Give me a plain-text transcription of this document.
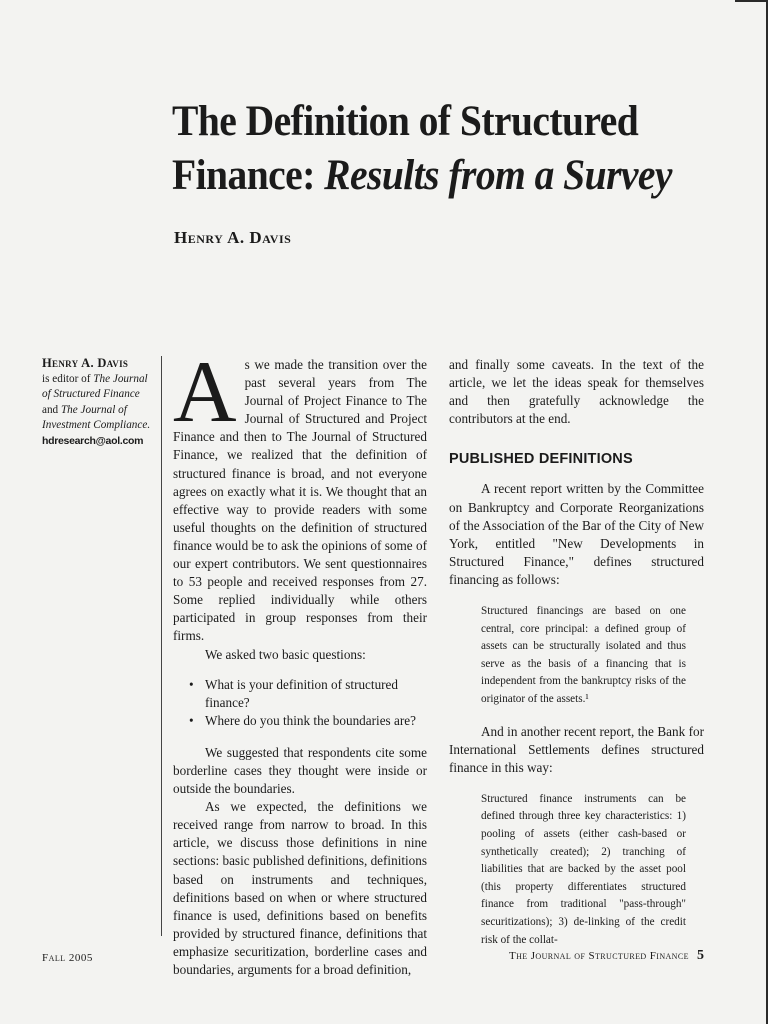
The Definition of Structured
Finance: Results from a Survey
Henry A. Davis
Henry A. Davis
is editor of The Journal of Structured Finance and The Journal of Investment Compliance.
hdresearch@aol.com As we made the transition over the past several years from The Journal of Project Finance to The Journal of Structured and Project Finance and then to The Journal of Structured Finance, we realized that the definition of structured finance is broad, and not everyone agrees on exactly what it is. We thought that an effective way to provide readers with some useful thoughts on the definition of structured finance would be to ask the opinions of some of our expert contributors. We sent questionnaires to 53 people and received responses from 27. Some replied individually while others participated in group responses from their firms.

We asked two basic questions:

• What is your definition of structured finance?
• Where do you think the boundaries are?

We suggested that respondents cite some borderline cases they thought were inside or outside the boundaries.

As we expected, the definitions we received range from narrow to broad. In this article, we discuss those definitions in nine sections: basic published definitions, definitions based on instruments and techniques, definitions based on when or where structured finance is used, definitions based on benefits provided by structured finance, definitions that emphasize securitization, borderline cases and boundaries, arguments for a broad definition,

and finally some caveats. In the text of the article, we let the ideas speak for themselves and then gratefully acknowledge the contributors at the end.

PUBLISHED DEFINITIONS

A recent report written by the Committee on Bankruptcy and Corporate Reorganizations of the Association of the Bar of the City of New York, entitled "New Developments in Structured Finance," defines structured financing as follows:

Structured financings are based on one central, core principal: a defined group of assets can be structurally isolated and thus serve as the basis of a financing that is independent from the bankruptcy risks of the originator of the assets.¹

And in another recent report, the Bank for International Settlements defines structured finance in this way:

Structured finance instruments can be defined through three key characteristics: 1) pooling of assets (either cash-based or synthetically created); 2) tranching of liabilities that are backed by the asset pool (this property differentiates structured finance from traditional "pass-through" securitizations); 3) de-linking of the credit risk of the collat-
Fall 2005	The Journal of Structured Finance 5
